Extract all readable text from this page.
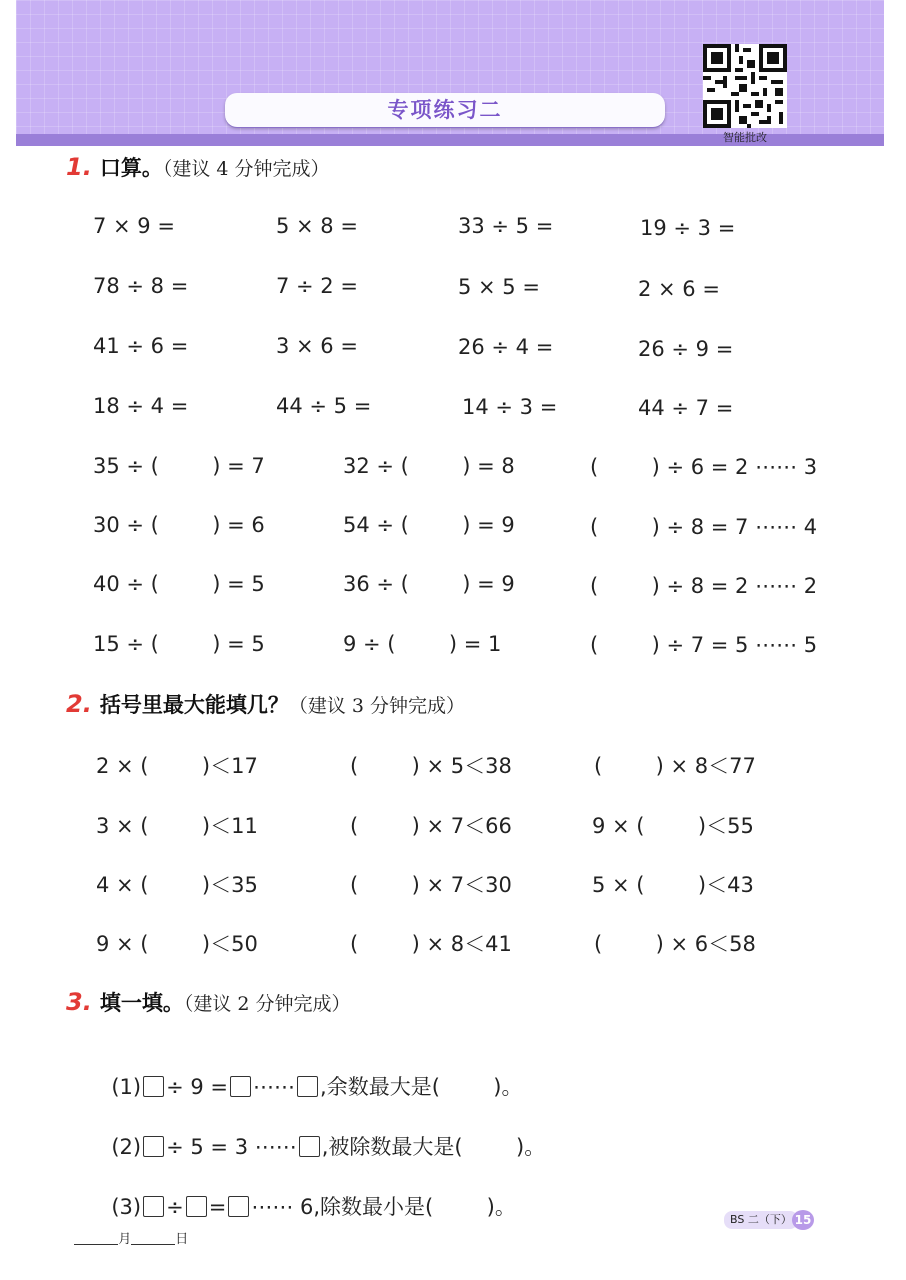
专项练习二
智能批改
1. 口算。（建议 4 分钟完成）
7 × 9 =	5 × 8 =	33 ÷ 5 =	19 ÷ 3 =
78 ÷ 8 =	7 ÷ 2 =	5 × 5 =	2 × 6 =
41 ÷ 6 =	3 × 6 =	26 ÷ 4 =	26 ÷ 9 =
18 ÷ 4 =	44 ÷ 5 =	14 ÷ 3 =	44 ÷ 7 =
35 ÷ (        ) = 7	32 ÷ (        ) = 8	(        ) ÷ 6 = 2 ⋯⋯ 3
30 ÷ (        ) = 6	54 ÷ (        ) = 9	(        ) ÷ 8 = 7 ⋯⋯ 4
40 ÷ (        ) = 5	36 ÷ (        ) = 9	(        ) ÷ 8 = 2 ⋯⋯ 2
15 ÷ (        ) = 5	9 ÷ (        ) = 1	(        ) ÷ 7 = 5 ⋯⋯ 5
2. 括号里最大能填几？（建议 3 分钟完成）
2 × (        )＜17	(        ) × 5＜38	(        ) × 8＜77
3 × (        )＜11	(        ) × 7＜66	9 × (        )＜55
4 × (        )＜35	(        ) × 7＜30	5 × (        )＜43
9 × (        )＜50	(        ) × 8＜41	(        ) × 6＜58
3. 填一填。（建议 2 分钟完成）

(1) ÷ 9 = ⋯⋯ ,余数最大是(        )。

(2) ÷ 5 = 3 ⋯⋯ ,被除数最大是(        )。

(3) ÷ = ⋯⋯ 6,除数最小是(        )。

月	日

BS 二（下） 15
